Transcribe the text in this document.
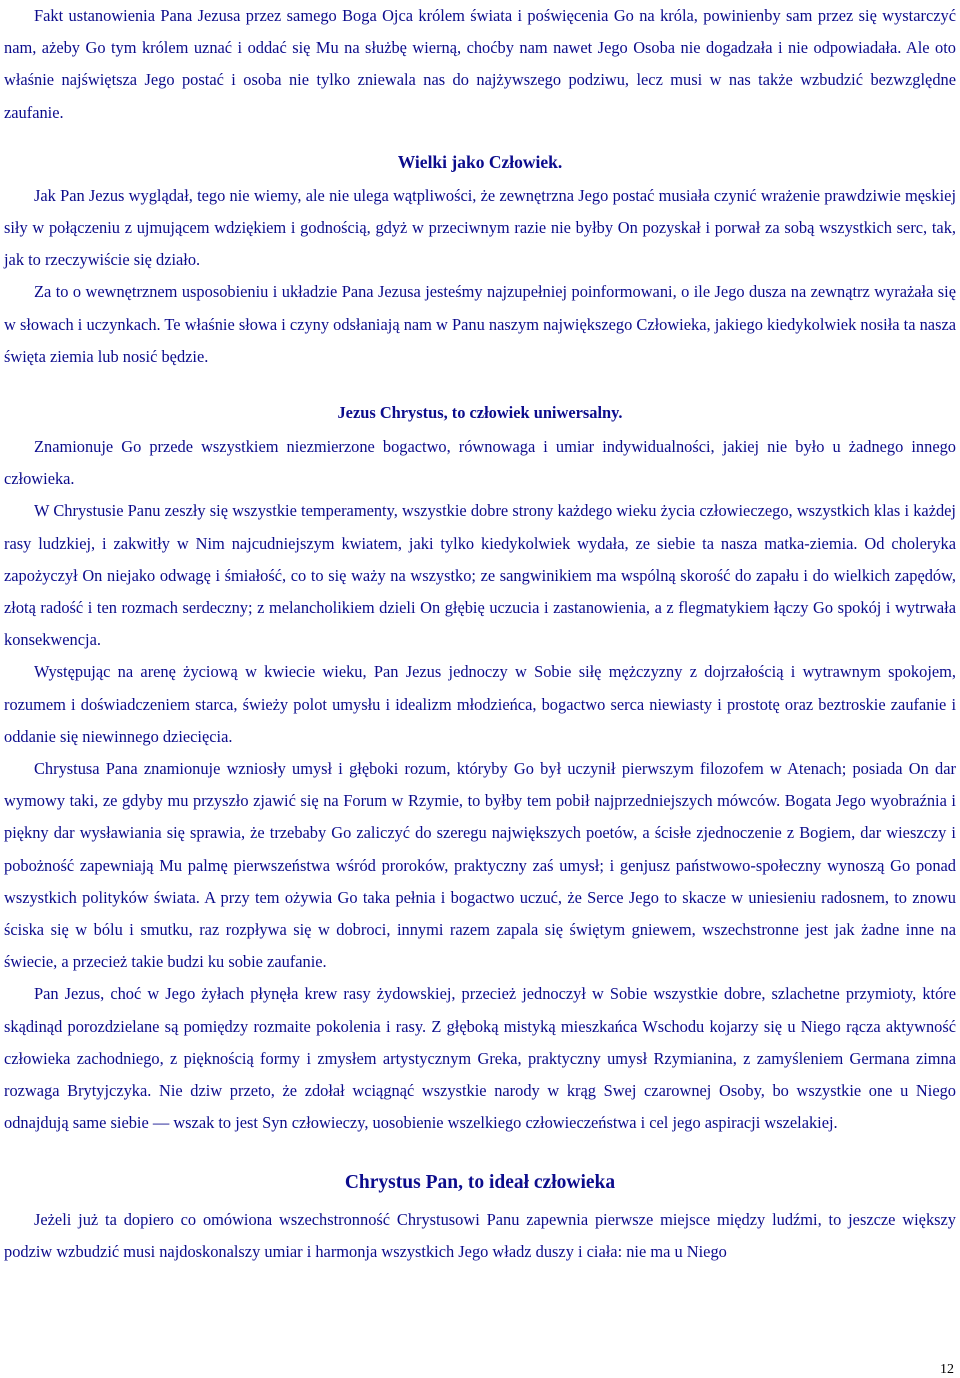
Fakt ustanowienia Pana Jezusa przez samego Boga Ojca królem świata i poświęcenia Go na króla, powinienby sam przez się wystarczyć nam, ażeby Go tym królem uznać i oddać się Mu na służbę wierną, choćby nam nawet Jego Osoba nie dogadzała i nie odpowiadała. Ale oto właśnie najświętsza Jego postać i osoba nie tylko zniewala nas do najżywszego podziwu, lecz musi w nas także wzbudzić bezwzględne zaufanie.

Wielki jako Człowiek.

Jak Pan Jezus wyglądał, tego nie wiemy, ale nie ulega wątpliwości, że zewnętrzna Jego postać musiała czynić wrażenie prawdziwie męskiej siły w połączeniu z ujmującem wdziękiem i godnością, gdyż w przeciwnym razie nie byłby On pozyskał i porwał za sobą wszystkich serc, tak, jak to rzeczywiście się działo.

Za to o wewnętrznem usposobieniu i układzie Pana Jezusa jesteśmy najzupełniej poinformowani, o ile Jego dusza na zewnątrz wyrażała się w słowach i uczynkach. Te właśnie słowa i czyny odsłaniają nam w Panu naszym największego Człowieka, jakiego kiedykolwiek nosiła ta nasza święta ziemia lub nosić będzie.

Jezus Chrystus, to człowiek uniwersalny.

Znamionuje Go przede wszystkiem niezmierzone bogactwo, równowaga i umiar indywidualności, jakiej nie było u żadnego innego człowieka.

W Chrystusie Panu zeszły się wszystkie temperamenty, wszystkie dobre strony każdego wieku życia człowieczego, wszystkich klas i każdej rasy ludzkiej, i zakwitły w Nim najcudniejszym kwiatem, jaki tylko kiedykolwiek wydała, ze siebie ta nasza matka-ziemia. Od choleryka zapożyczył On niejako odwagę i śmiałość, co to się waży na wszystko; ze sangwinikiem ma wspólną skorość do zapału i do wielkich zapędów, złotą radość i ten rozmach serdeczny; z melancholikiem dzieli On głębię uczucia i zastanowienia, a z flegmatykiem łączy Go spokój i wytrwała konsekwencja.

Występując na arenę życiową w kwiecie wieku, Pan Jezus jednoczy w Sobie siłę mężczyzny z dojrzałością i wytrawnym spokojem, rozumem i doświadczeniem starca, świeży polot umysłu i idealizm młodzieńca, bogactwo serca niewiasty i prostotę oraz beztroskie zaufanie i oddanie się niewinnego dziecięcia.

Chrystusa Pana znamionuje wzniosły umysł i głęboki rozum, któryby Go był uczynił pierwszym filozofem w Atenach; posiada On dar wymowy taki, ze gdyby mu przyszło zjawić się na Forum w Rzymie, to byłby tem pobił najprzedniejszych mówców. Bogata Jego wyobraźnia i piękny dar wysławiania się sprawia, że trzebaby Go zaliczyć do szeregu największych poetów, a ścisłe zjednoczenie z Bogiem, dar wieszczy i pobożność zapewniają Mu palmę pierwszeństwa wśród proroków, praktyczny zaś umysł; i genjusz państwowo-społeczny wynoszą Go ponad wszystkich polityków świata. A przy tem ożywia Go taka pełnia i bogactwo uczuć, że Serce Jego to skacze w uniesieniu radosnem, to znowu ściska się w bólu i smutku, raz rozpływa się w dobroci, innymi razem zapala się świętym gniewem, wszechstronne jest jak żadne inne na świecie, a przecież takie budzi ku sobie zaufanie.

Pan Jezus, choć w Jego żyłach płynęła krew rasy żydowskiej, przecież jednoczył w Sobie wszystkie dobre, szlachetne przymioty, które skądinąd porozdzielane są pomiędzy rozmaite pokolenia i rasy. Z głęboką mistyką mieszkańca Wschodu kojarzy się u Niego rącza aktywność człowieka zachodniego, z pięknością formy i zmysłem artystycznym Greka, praktyczny umysł Rzymianina, z zamyśleniem Germana zimna rozwaga Brytyjczyka. Nie dziw przeto, że zdołał wciągnąć wszystkie narody w krąg Swej czarownej Osoby, bo wszystkie one u Niego odnajdują same siebie — wszak to jest Syn człowieczy, uosobienie wszelkiego człowieczeństwa i cel jego aspiracji wszelakiej.

Chrystus Pan, to ideał człowieka

Jeżeli już ta dopiero co omówiona wszechstronność Chrystusowi Panu zapewnia pierwsze miejsce między ludźmi, to jeszcze większy podziw wzbudzić musi najdoskonalszy umiar i harmonja wszystkich Jego władz duszy i ciała: nie ma u Niego

12
